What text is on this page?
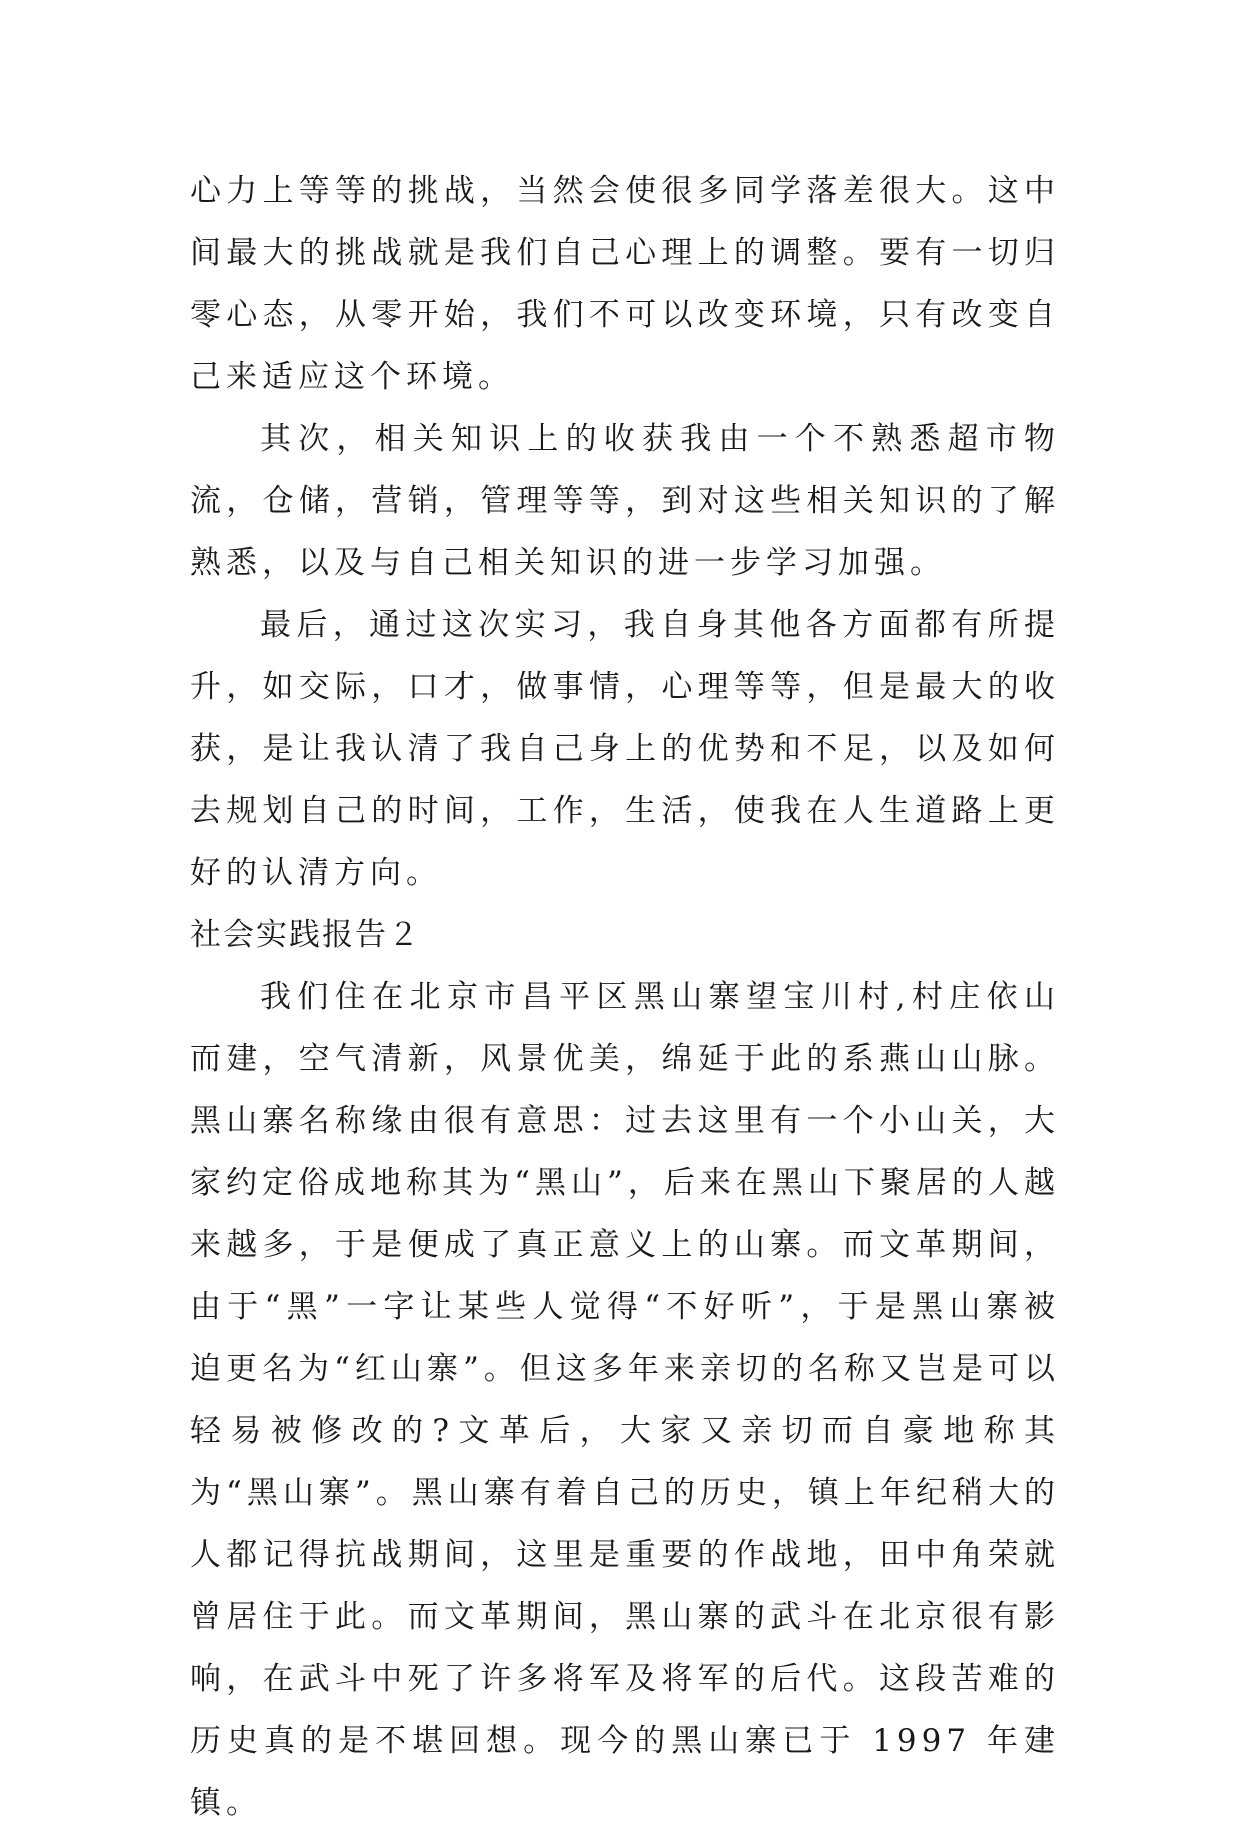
心力上等等的挑战，当然会使很多同学落差很大。这中间最大的挑战就是我们自己心理上的调整。要有一切归零心态，从零开始，我们不可以改变环境，只有改变自己来适应这个环境。

其次，相关知识上的收获我由一个不熟悉超市物流，仓储，营销，管理等等，到对这些相关知识的了解熟悉，以及与自己相关知识的进一步学习加强。

最后，通过这次实习，我自身其他各方面都有所提升，如交际，口才，做事情，心理等等，但是最大的收获，是让我认清了我自己身上的优势和不足，以及如何去规划自己的时间，工作，生活，使我在人生道路上更好的认清方向。

社会实践报告２

我们住在北京市昌平区黑山寨望宝川村,村庄依山而建，空气清新，风景优美，绵延于此的系燕山山脉。黑山寨名称缘由很有意思：过去这里有一个小山关，大家约定俗成地称其为“黑山”，后来在黑山下聚居的人越来越多，于是便成了真正意义上的山寨。而文革期间，由于“黑”一字让某些人觉得“不好听”，于是黑山寨被迫更名为“红山寨”。但这多年来亲切的名称又岂是可以轻易被修改的?文革后，大家又亲切而自豪地称其为“黑山寨”。黑山寨有着自己的历史，镇上年纪稍大的人都记得抗战期间，这里是重要的作战地，田中角荣就曾居住于此。而文革期间，黑山寨的武斗在北京很有影响，在武斗中死了许多将军及将军的后代。这段苦难的历史真的是不堪回想。现今的黑山寨已于 1997 年建镇。
